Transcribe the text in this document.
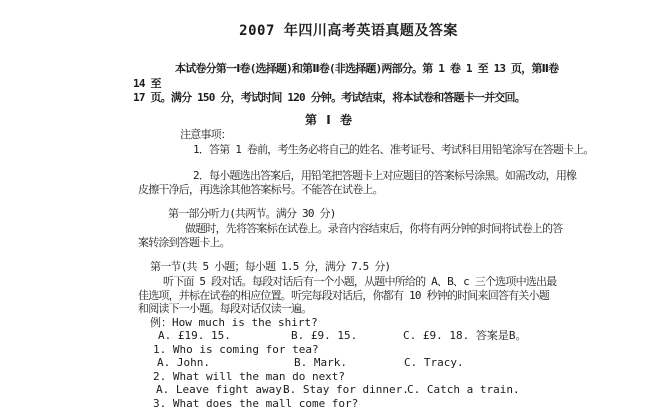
2007 年四川高考英语真题及答案
本试卷分第一Ⅰ卷(选择题)和第Ⅱ卷(非选择题)两部分。第 1 卷 1 至 13 页，第Ⅱ卷
14 至
17 页。满分 150 分，考试时间 120 分钟。考试结束，将本试卷和答题卡一并交回。
第 Ⅰ 卷
注意事项：
1．答第 1 卷前，考生务必将自己的姓名、准考证号、考试科目用铅笔涂写在答题卡上。
2．每小题选出答案后，用铅笔把答题卡上对应题目的答案标号涂黑。如需改动，用橡
皮擦干净后，再选涂其他答案标号。不能答在试卷上。
第一部分听力(共两节。满分 30 分)
做题时，先将答案标在试卷上。录音内容结束后，你将有两分钟的时间将试卷上的答
案转涂到答题卡上。
第一节(共 5 小题；每小题 1.5 分，满分 7.5 分)
听下面 5 段对话。每段对话后有一个小题，从题中所给的 A、B、c 三个选项中选出最
佳选项，并标在试卷的相应位置。听完每段对话后，你都有 10 秒钟的时间来回答有关小题
和阅读下一小题。每段对话仅读一遍。
例：How much is the shirt?
A. £19. 15.	B. £9. 15.	C. £9. 18. 答案是B。
1. Who is coming for tea?
A. John.	B. Mark.	C. Tracy.
2. What will the man do next?
A. Leave fight away.
B. Stay for dinner.
C. Catch a train.
3. What does the mall come for?
